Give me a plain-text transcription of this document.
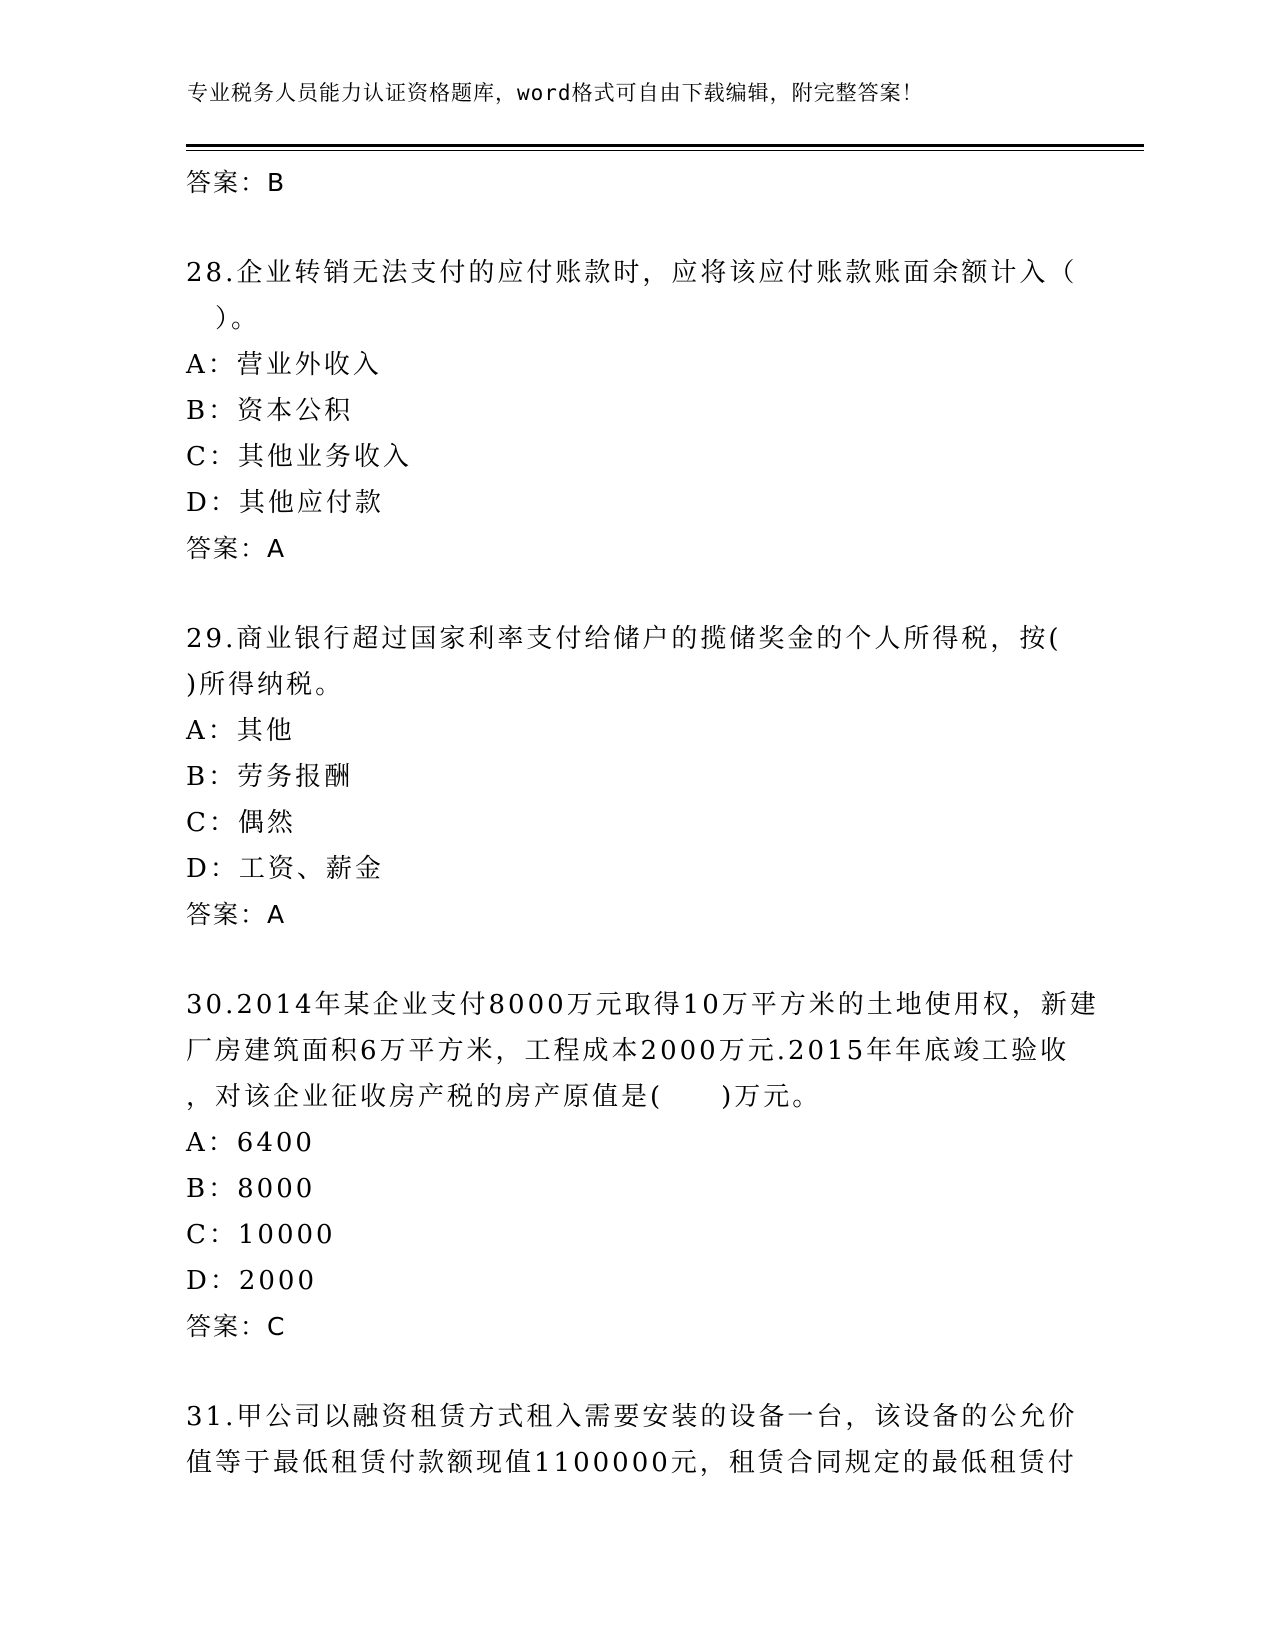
专业税务人员能力认证资格题库，word格式可自由下载编辑，附完整答案！
答案：B
28.企业转销无法支付的应付账款时，应将该应付账款账面余额计入（
　）。
A：营业外收入
B：资本公积
C：其他业务收入
D：其他应付款
答案：A
29.商业银行超过国家利率支付给储户的揽储奖金的个人所得税，按(
)所得纳税。
A：其他
B：劳务报酬
C：偶然
D：工资、薪金
答案：A
30.2014年某企业支付8000万元取得10万平方米的土地使用权，新建
厂房建筑面积6万平方米，工程成本2000万元.2015年年底竣工验收
，对该企业征收房产税的房产原值是(　　)万元。
A：6400
B：8000
C：10000
D：2000
答案：C
31.甲公司以融资租赁方式租入需要安装的设备一台，该设备的公允价
值等于最低租赁付款额现值1100000元，租赁合同规定的最低租赁付
